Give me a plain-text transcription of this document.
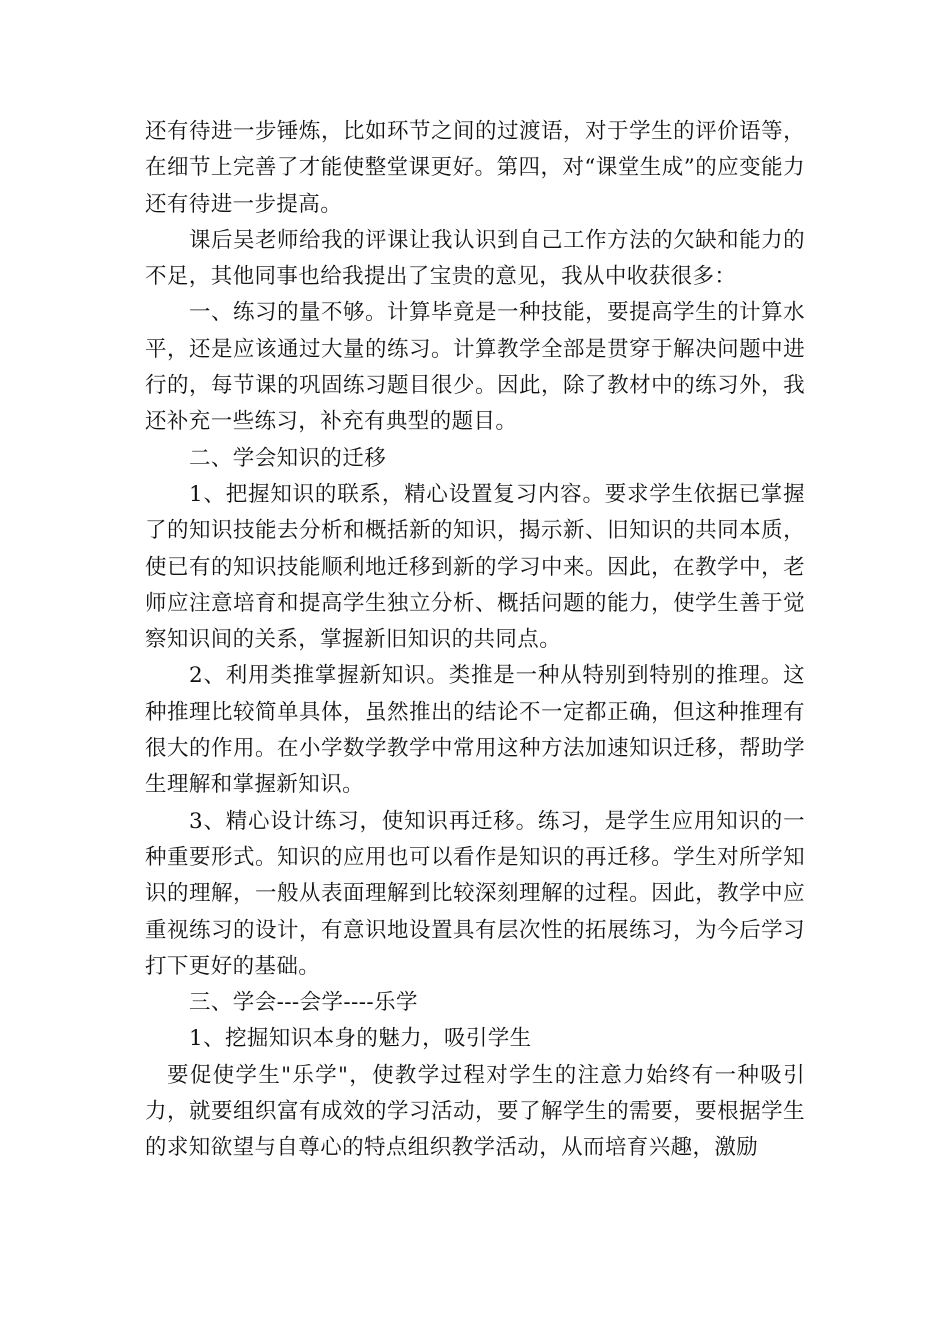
还有待进一步锤炼，比如环节之间的过渡语，对于学生的评价语等，在细节上完善了才能使整堂课更好。第四，对“课堂生成”的应变能力还有待进一步提高。

课后吴老师给我的评课让我认识到自己工作方法的欠缺和能力的不足，其他同事也给我提出了宝贵的意见，我从中收获很多：

一、练习的量不够。计算毕竟是一种技能，要提高学生的计算水平，还是应该通过大量的练习。计算教学全部是贯穿于解决问题中进行的，每节课的巩固练习题目很少。因此，除了教材中的练习外，我还补充一些练习，补充有典型的题目。

二、学会知识的迁移

1、把握知识的联系，精心设置复习内容。要求学生依据已掌握了的知识技能去分析和概括新的知识，揭示新、旧知识的共同本质，使已有的知识技能顺利地迁移到新的学习中来。因此，在教学中，老师应注意培育和提高学生独立分析、概括问题的能力，使学生善于觉察知识间的关系，掌握新旧知识的共同点。

2、利用类推掌握新知识。类推是一种从特别到特别的推理。这种推理比较简单具体，虽然推出的结论不一定都正确，但这种推理有很大的作用。在小学数学教学中常用这种方法加速知识迁移，帮助学生理解和掌握新知识。

3、精心设计练习，使知识再迁移。练习，是学生应用知识的一种重要形式。知识的应用也可以看作是知识的再迁移。学生对所学知识的理解，一般从表面理解到比较深刻理解的过程。因此，教学中应重视练习的设计，有意识地设置具有层次性的拓展练习，为今后学习打下更好的基础。

三、学会---会学----乐学

1、挖掘知识本身的魅力，吸引学生

要促使学生"乐学"，使教学过程对学生的注意力始终有一种吸引力，就要组织富有成效的学习活动，要了解学生的需要，要根据学生的求知欲望与自尊心的特点组织教学活动，从而培育兴趣，激励
